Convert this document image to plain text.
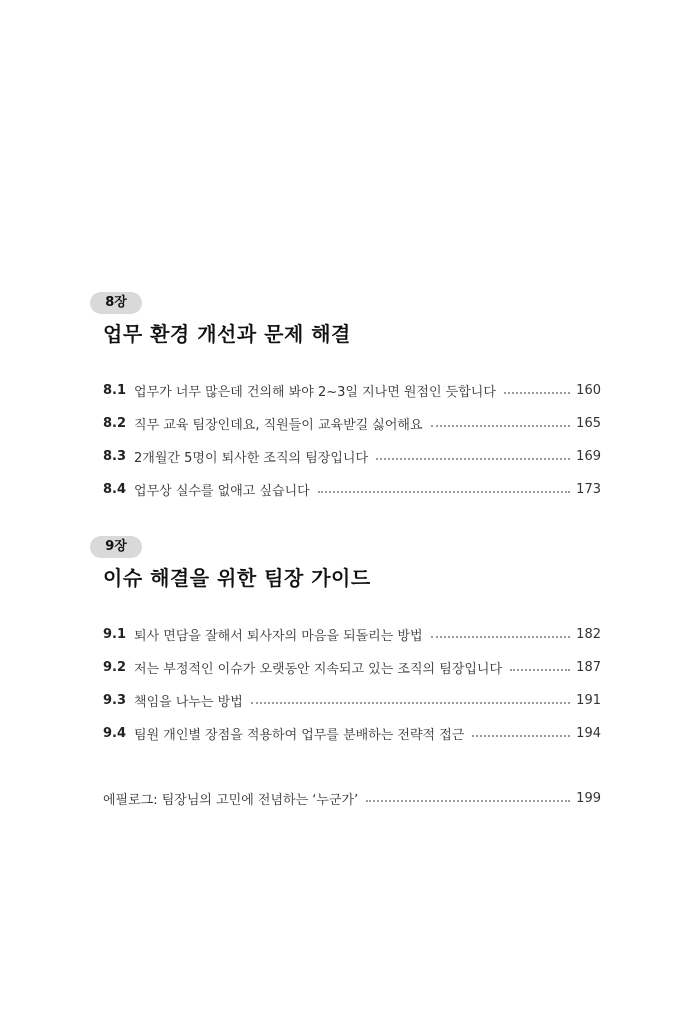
8장
업무 환경 개선과 문제 해결
8.1 업무가 너무 많은데 건의해 봐야 2~3일 지나면 원점인 듯합니다	160
8.2 직무 교육 팀장인데요, 직원들이 교육받길 싫어해요	165
8.3 2개월간 5명이 퇴사한 조직의 팀장입니다	169
8.4 업무상 실수를 없애고 싶습니다	173
9장
이슈 해결을 위한 팀장 가이드
9.1 퇴사 면담을 잘해서 퇴사자의 마음을 되돌리는 방법	182
9.2 저는 부정적인 이슈가 오랫동안 지속되고 있는 조직의 팀장입니다	187
9.3 책임을 나누는 방법	191
9.4 팀원 개인별 장점을 적용하여 업무를 분배하는 전략적 접근	194
에필로그: 팀장님의 고민에 전념하는 ‘누군가’	199
